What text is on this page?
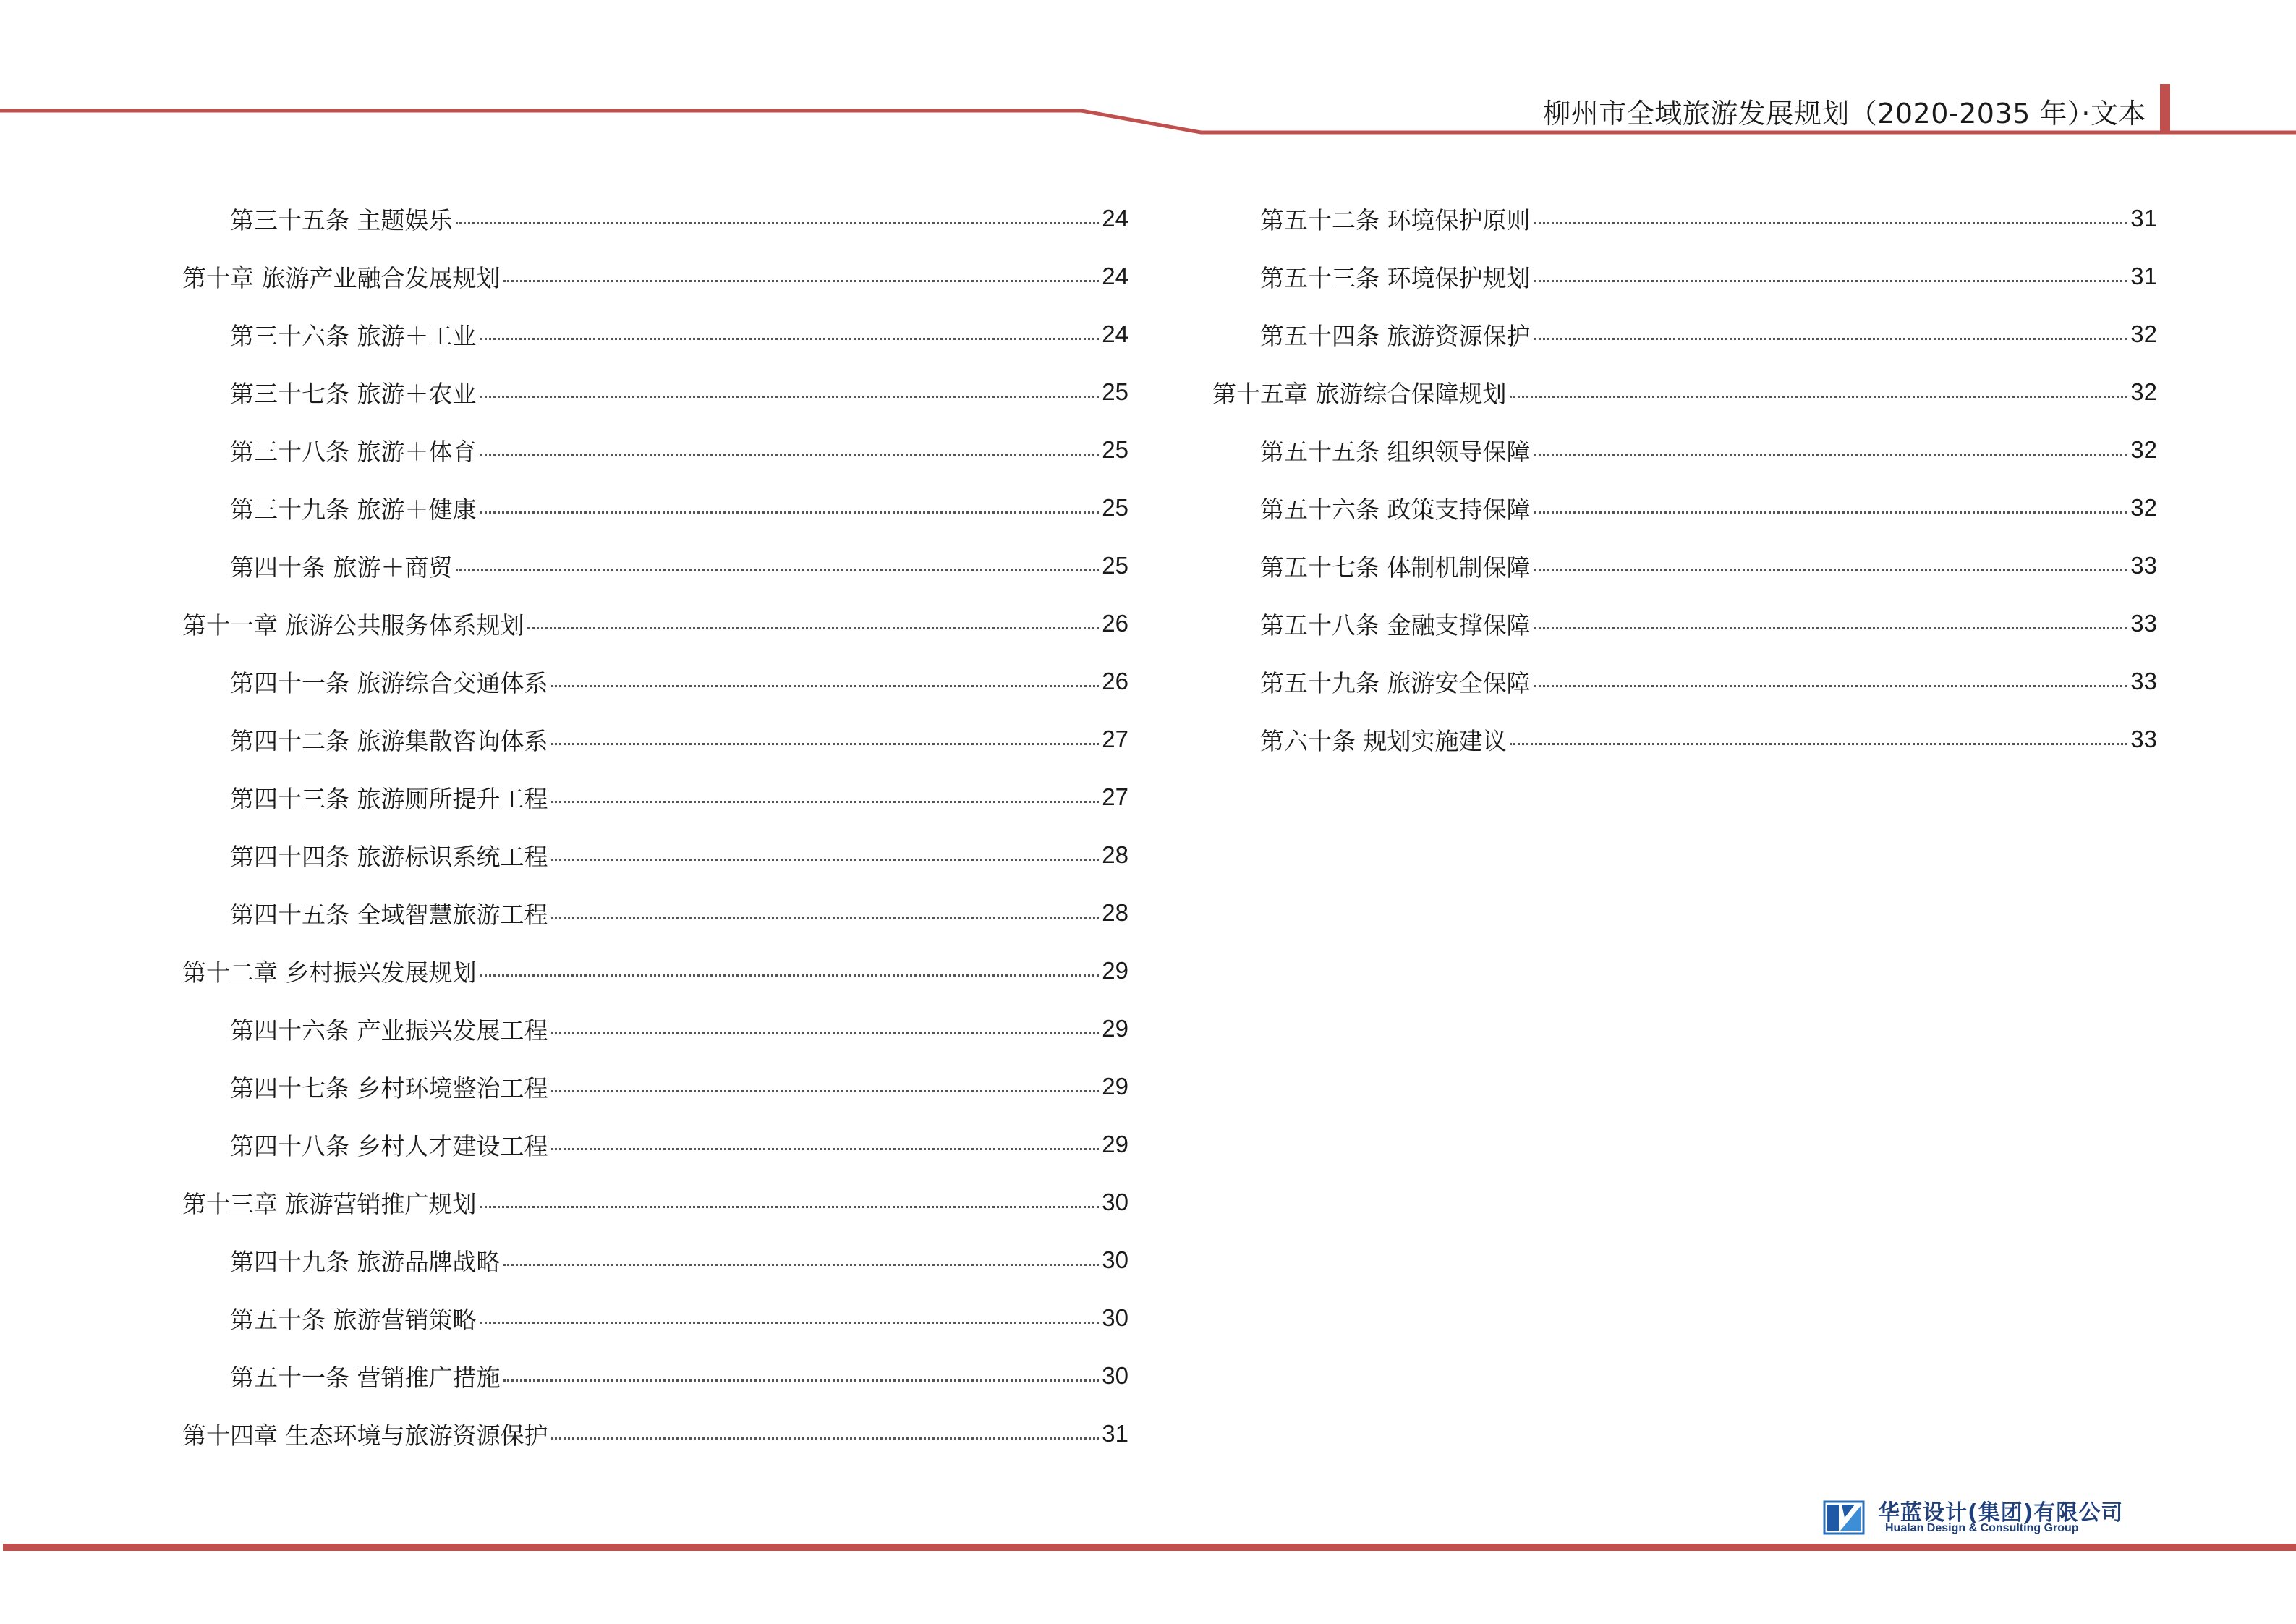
柳州市全域旅游发展规划（2020-2035 年）·文本
第三十五条 主题娱乐	24
第十章 旅游产业融合发展规划	24
第三十六条 旅游＋工业	24
第三十七条 旅游＋农业	25
第三十八条 旅游＋体育	25
第三十九条 旅游＋健康	25
第四十条 旅游＋商贸	25
第十一章 旅游公共服务体系规划	26
第四十一条 旅游综合交通体系	26
第四十二条 旅游集散咨询体系	27
第四十三条 旅游厕所提升工程	27
第四十四条 旅游标识系统工程	28
第四十五条 全域智慧旅游工程	28
第十二章 乡村振兴发展规划	29
第四十六条 产业振兴发展工程	29
第四十七条 乡村环境整治工程	29
第四十八条 乡村人才建设工程	29
第十三章 旅游营销推广规划	30
第四十九条 旅游品牌战略	30
第五十条 旅游营销策略	30
第五十一条 营销推广措施	30
第十四章 生态环境与旅游资源保护	31
第五十二条 环境保护原则	31
第五十三条 环境保护规划	31
第五十四条 旅游资源保护	32
第十五章 旅游综合保障规划	32
第五十五条 组织领导保障	32
第五十六条 政策支持保障	32
第五十七条 体制机制保障	33
第五十八条 金融支撑保障	33
第五十九条 旅游安全保障	33
第六十条 规划实施建议	33
华蓝设计(集团)有限公司
Hualan Design & Consulting Group
